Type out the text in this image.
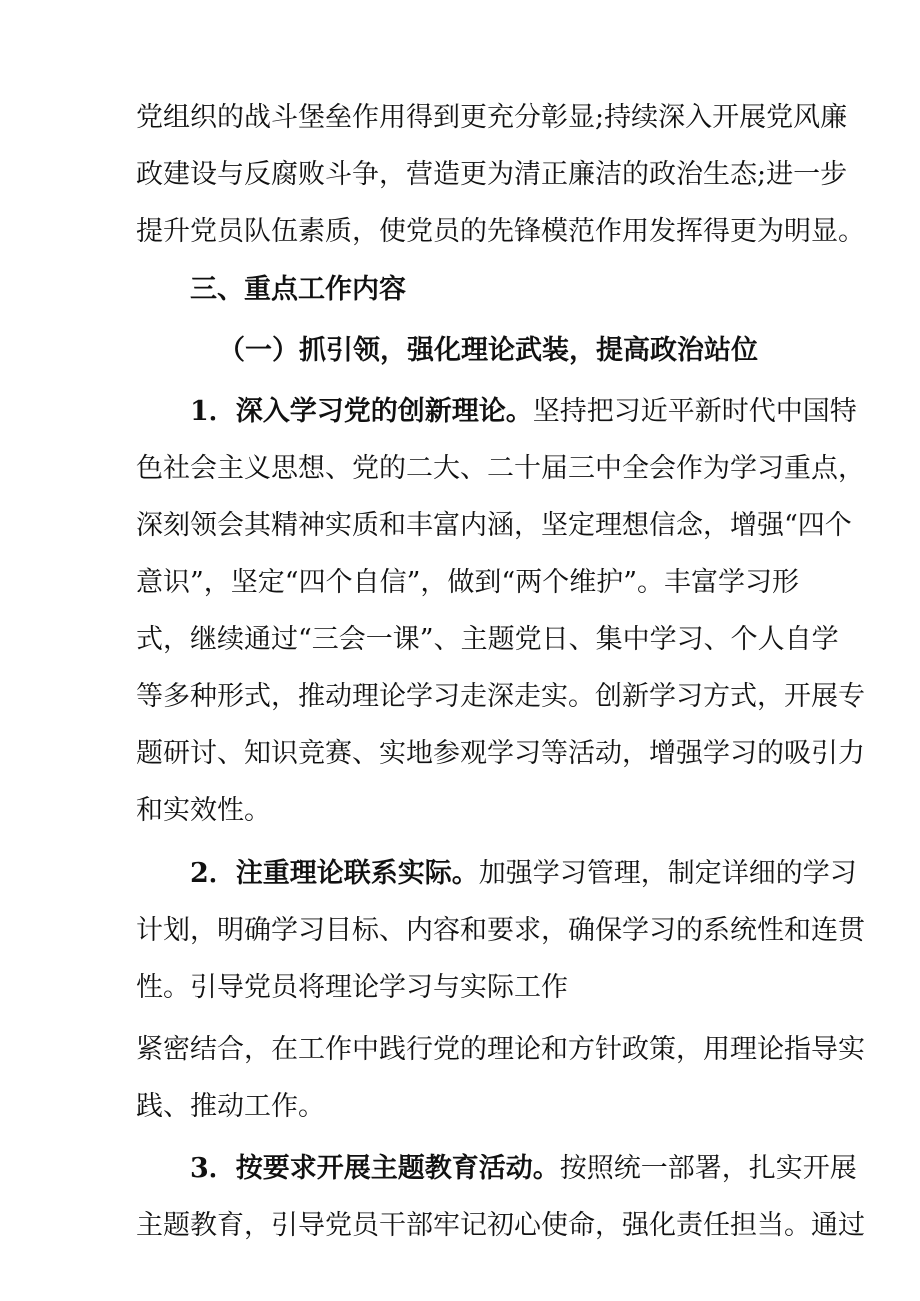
党组织的战斗堡垒作用得到更充分彰显;持续深入开展党风廉
政建设与反腐败斗争，营造更为清正廉洁的政治生态;进一步
提升党员队伍素质，使党员的先锋模范作用发挥得更为明显。
三、重点工作内容
（一）抓引领，强化理论武装，提高政治站位
1．深入学习党的创新理论。坚持把习近平新时代中国特
色社会主义思想、党的二大、二十届三中全会作为学习重点，
深刻领会其精神实质和丰富内涵，坚定理想信念，增强“四个
意识”，坚定“四个自信”，做到“两个维护”。丰富学习形
式，继续通过“三会一课”、主题党日、集中学习、个人自学
等多种形式，推动理论学习走深走实。创新学习方式，开展专
题研讨、知识竞赛、实地参观学习等活动，增强学习的吸引力
和实效性。
2．注重理论联系实际。加强学习管理，制定详细的学习
计划，明确学习目标、内容和要求，确保学习的系统性和连贯
性。引导党员将理论学习与实际工作
紧密结合，在工作中践行党的理论和方针政策，用理论指导实
践、推动工作。
3．按要求开展主题教育活动。按照统一部署，扎实开展
主题教育，引导党员干部牢记初心使命，强化责任担当。通过
